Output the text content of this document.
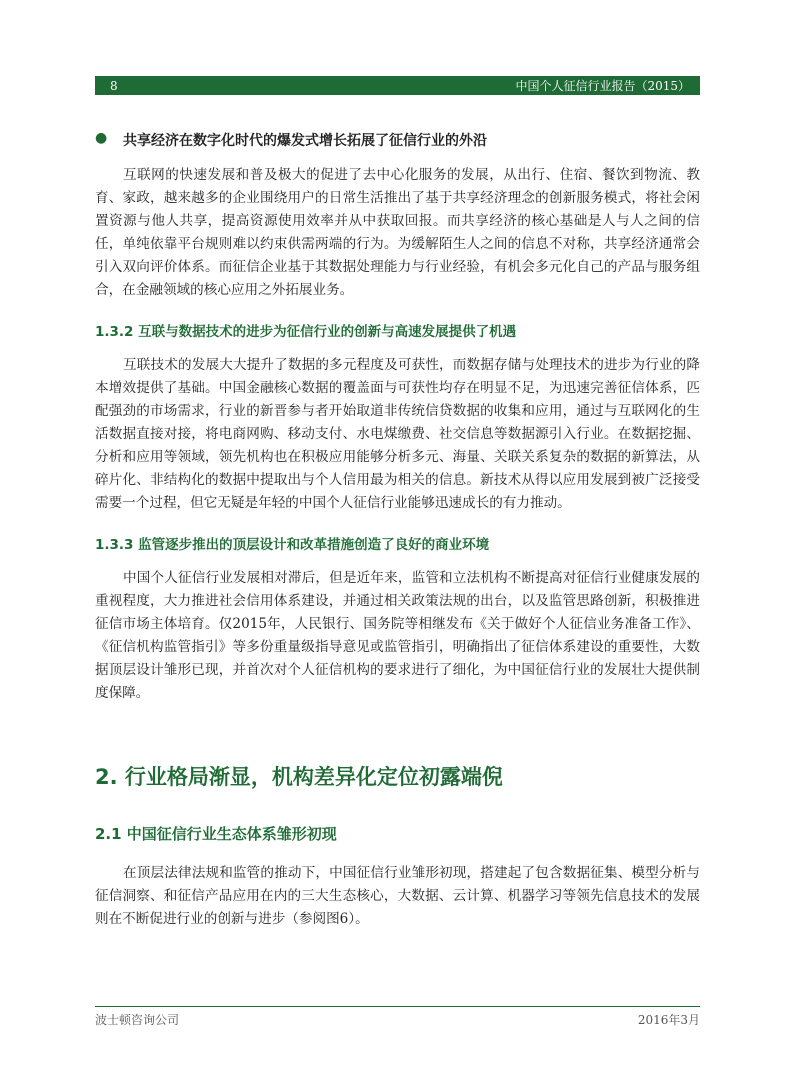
8	中国个人征信行业报告（2015）
●	共享经济在数字化时代的爆发式增长拓展了征信行业的外沿

互联网的快速发展和普及极大的促进了去中心化服务的发展，从出行、住宿、餐饮到物流、教育、家政，越来越多的企业围绕用户的日常生活推出了基于共享经济理念的创新服务模式，将社会闲置资源与他人共享，提高资源使用效率并从中获取回报。而共享经济的核心基础是人与人之间的信任，单纯依靠平台规则难以约束供需两端的行为。为缓解陌生人之间的信息不对称，共享经济通常会引入双向评价体系。而征信企业基于其数据处理能力与行业经验，有机会多元化自己的产品与服务组合，在金融领域的核心应用之外拓展业务。

1.3.2 互联与数据技术的进步为征信行业的创新与高速发展提供了机遇

互联技术的发展大大提升了数据的多元程度及可获性，而数据存储与处理技术的进步为行业的降本增效提供了基础。中国金融核心数据的覆盖面与可获性均存在明显不足，为迅速完善征信体系，匹配强劲的市场需求，行业的新晋参与者开始取道非传统信贷数据的收集和应用，通过与互联网化的生活数据直接对接，将电商网购、移动支付、水电煤缴费、社交信息等数据源引入行业。在数据挖掘、分析和应用等领域，领先机构也在积极应用能够分析多元、海量、关联关系复杂的数据的新算法，从碎片化、非结构化的数据中提取出与个人信用最为相关的信息。新技术从得以应用发展到被广泛接受需要一个过程，但它无疑是年轻的中国个人征信行业能够迅速成长的有力推动。

1.3.3 监管逐步推出的顶层设计和改革措施创造了良好的商业环境

中国个人征信行业发展相对滞后，但是近年来，监管和立法机构不断提高对征信行业健康发展的重视程度，大力推进社会信用体系建设，并通过相关政策法规的出台，以及监管思路创新，积极推进征信市场主体培育。仅2015年，人民银行、国务院等相继发布《关于做好个人征信业务准备工作》、《征信机构监管指引》等多份重量级指导意见或监管指引，明确指出了征信体系建设的重要性，大数据顶层设计雏形已现，并首次对个人征信机构的要求进行了细化，为中国征信行业的发展壮大提供制度保障。

2. 行业格局渐显，机构差异化定位初露端倪
2.1 中国征信行业生态体系雏形初现

在顶层法律法规和监管的推动下，中国征信行业雏形初现，搭建起了包含数据征集、模型分析与征信洞察、和征信产品应用在内的三大生态核心，大数据、云计算、机器学习等领先信息技术的发展则在不断促进行业的创新与进步（参阅图6）。

波士顿咨询公司	2016年3月
